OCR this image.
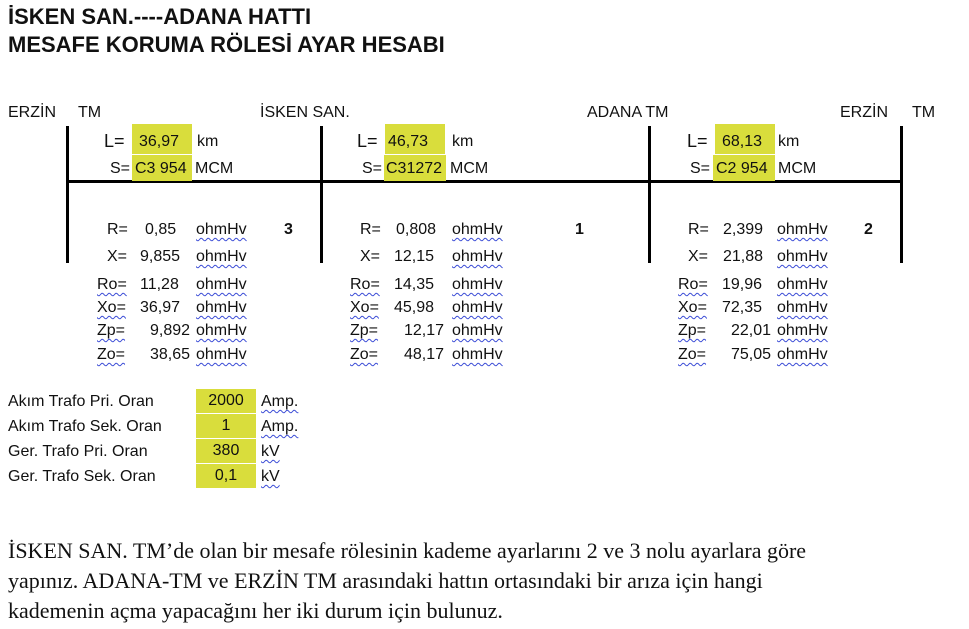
İSKEN SAN.----ADANA HATTI
MESAFE KORUMA RÖLESİ AYAR HESABI
ERZİN TM	İSKEN SAN.	ADANA TM	ERZİN TM
L= 36,97 km
S= C3 954 MCM
R= 0,85 ohmHv 3
X= 9,855 ohmHv
Ro= 11,28 ohmHv
Xo= 36,97 ohmHv
Zp= 9,892 ohmHv
Zo= 38,65 ohmHv
L= 46,73 km
S= C31272 MCM
R= 0,808 ohmHv	1
X= 12,15 ohmHv
Ro= 14,35 ohmHv
Xo= 45,98 ohmHv
Zp= 12,17 ohmHv
Zo= 48,17 ohmHv
L= 68,13 km
S= C2 954 MCM
R= 2,399 ohmHv 2
X= 21,88 ohmHv
Ro= 19,96 ohmHv
Xo= 72,35 ohmHv
Zp= 22,01 ohmHv
Zo= 75,05 ohmHv
Akım Trafo Pri. Oran	2000	Amp.
Akım Trafo Sek. Oran	1	Amp.
Ger. Trafo Pri. Oran	380	kV
Ger. Trafo Sek. Oran	0,1	kV
İSKEN SAN. TM’de olan bir mesafe rölesinin kademe ayarlarını 2 ve 3 nolu ayarlara göre
yapınız. ADANA-TM ve ERZİN TM arasındaki hattın ortasındaki bir arıza için hangi
kademenin açma yapacağını her iki durum için bulunuz.
